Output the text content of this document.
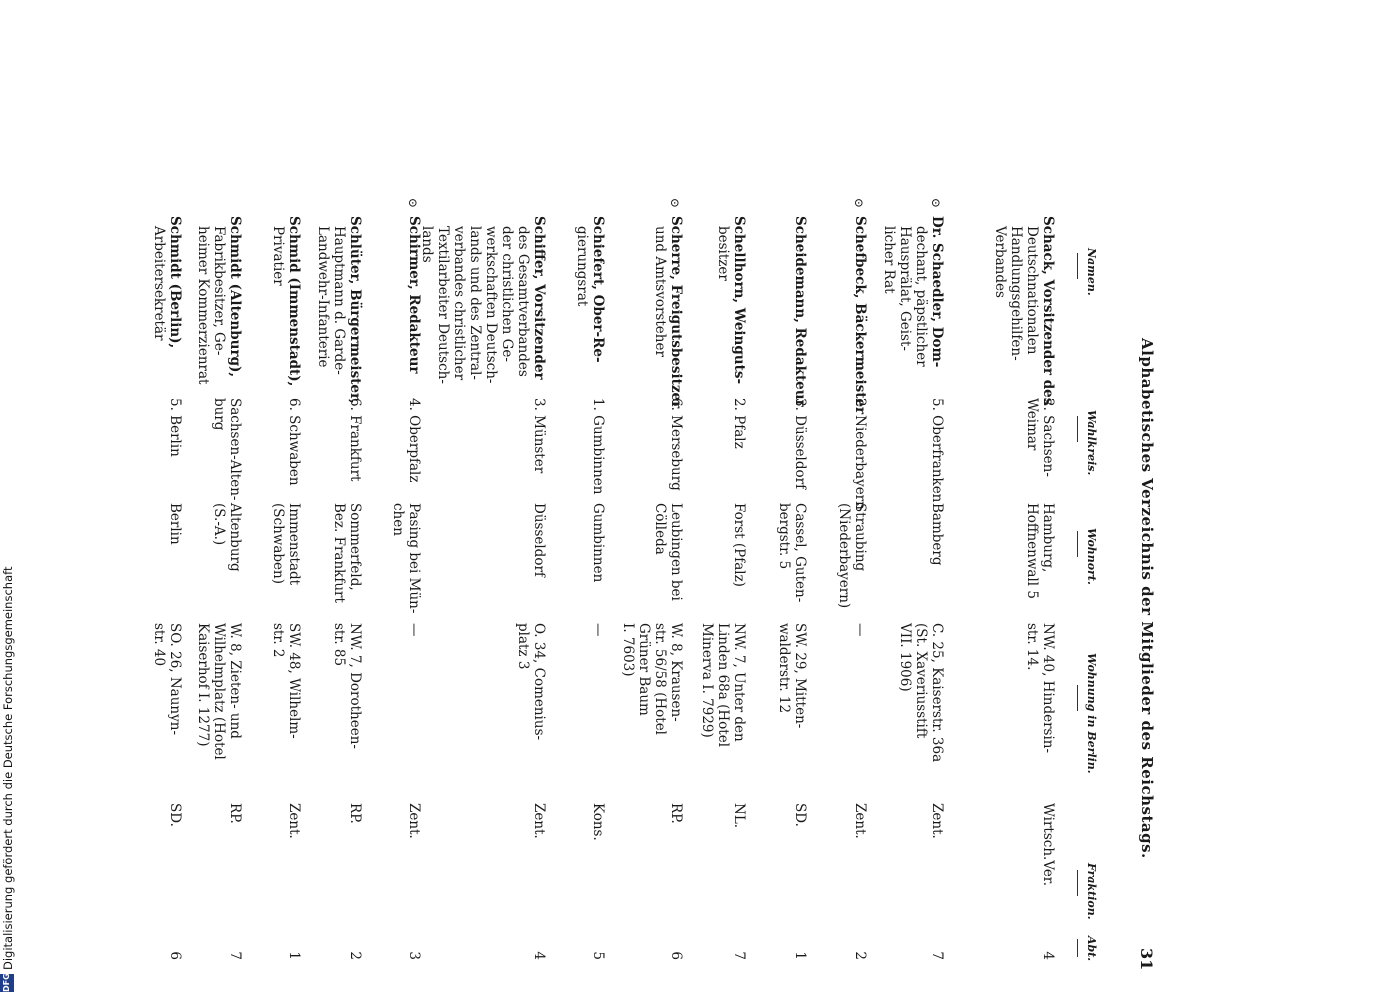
Alphabetisches Verzeichnis der Mitglieder des Reichstags.
31
Namen.
Wahlkreis.
Wohnort.
Wohnung in Berlin.
Fraktion.
Abt.
Schack, Vorsitzender des
Deutschnationalen
Handlungsgehilfen-
Verbandes
2. Sachsen-
Weimar
Hamburg,
Hoffnenwall 5
NW. 40, Hindersin-
str. 14.
Wirtsch.Ver.
4
⊙
Dr. Schaedler, Dom-
dechant, päpstlicher
Hausprälat, Geist-
licher Rat
5. Oberfranken
Bamberg
C. 25, Kaiserstr. 36a
(St. Xaveriusstift
VII. 1906)
Zent.
7
⊙
Schefbeck, Bäckermeister
2. Niederbayern
Straubing
(Niederbayern)
—
Zent.
2
Scheidemann, Redakteur
3. Düsseldorf
Cassel, Guten-
bergstr. 5
SW. 29, Mitten-
walderstr. 12
SD.
1
Schellhorn, Weinguts-
besitzer
2. Pfalz
Forst (Pfalz)
NW. 7, Unter den
Linden 68a (Hotel
Minerva I. 7929)
NL.
7
⊙
Scherre, Freigutsbesitzer
und Amtsvorsteher
6. Merseburg
Leubingen bei
Cölleda
W. 8, Krausen-
str. 56/58 (Hotel
Grüner Baum
I. 7603)
RP.
6
Schiefert, Ober-Re-
gierungsrat
1. Gumbinnen
Gumbinnen
—
Kons.
5
Schiffer, Vorsitzender
des Gesamtverbandes
der christlichen Ge-
werkschaften Deutsch-
lands und des Zentral-
verbandes christlicher
Textilarbeiter Deutsch-
lands
3. Münster
Düsseldorf
O. 34, Comenius-
platz 3
Zent.
4
⊙
Schirmer, Redakteur
4. Oberpfalz
Pasing bei Mün-
chen
—
Zent.
3
Schlüter, Bürgermeister,
Hauptmann d. Garde-
Landwehr-Infanterie
6. Frankfurt
Sommerfeld,
Bez. Frankfurt
NW. 7, Dorotheen-
str. 85
RP.
2
Schmid (Immenstadt),
Privatier
6. Schwaben
Immenstadt
(Schwaben)
SW. 48, Wilhelm-
str. 2
Zent.
1
Schmidt (Altenburg),
Fabrikbesitzer, Ge-
heimer Kommerzienrat
Sachsen-Alten-
burg
Altenburg
(S.-A.)
W. 8, Zieten- und
Wilhelmplatz (Hotel
Kaiserhof I. 1277)
RP.
7
Schmidt (Berlin),
Arbeitersekretär
5. Berlin
Berlin
SO. 26, Naunyn-
str. 40
SD.
6
DFG
Digitalisierung gefördert durch die Deutsche Forschungsgemeinschaft
